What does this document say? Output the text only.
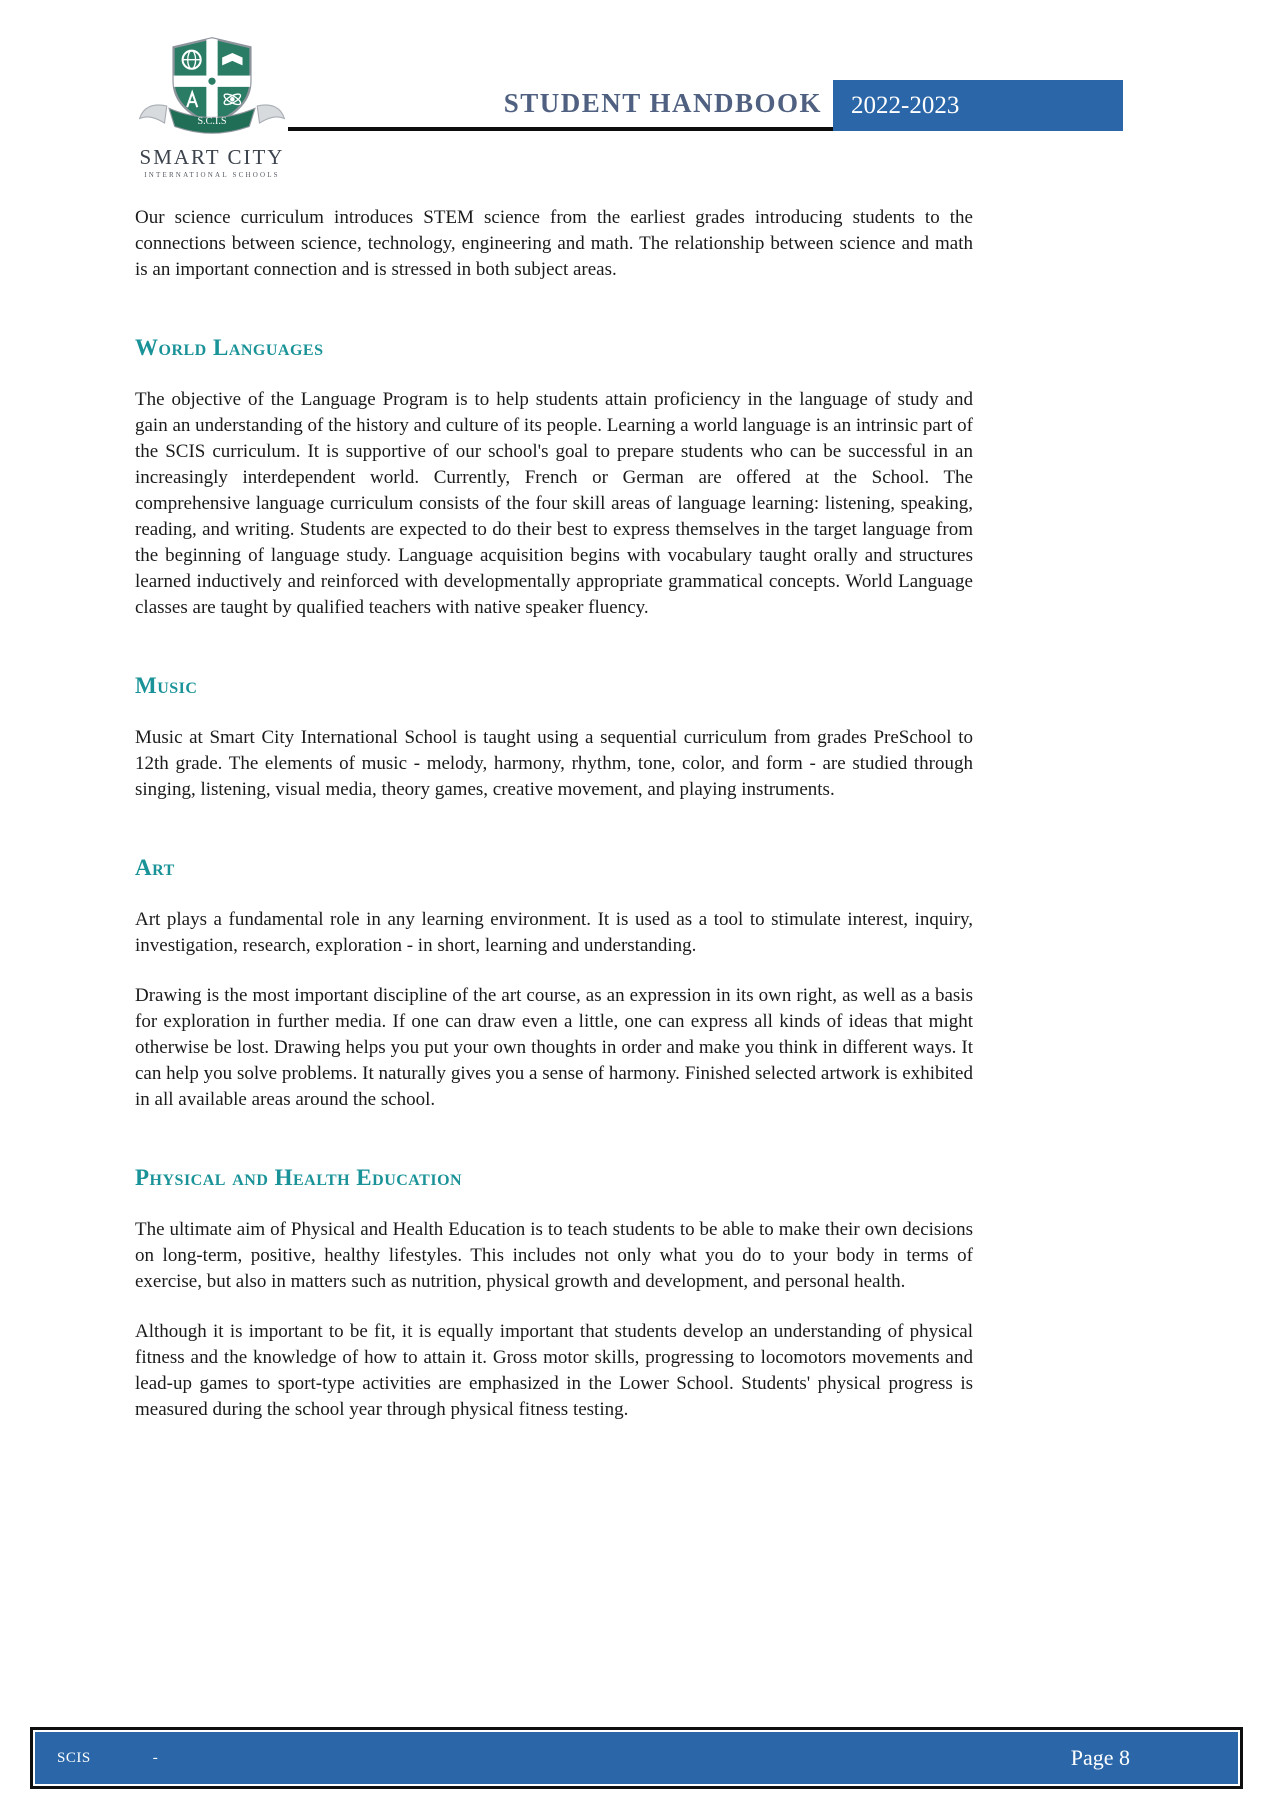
S.C.I.S
SMART CITY
INTERNATIONAL SCHOOLS
STUDENT HANDBOOK	2022-2023

Our science curriculum introduces STEM science from the earliest grades introducing students to the connections between science, technology, engineering and math. The relationship between science and math is an important connection and is stressed in both subject areas.

World Languages

The objective of the Language Program is to help students attain proficiency in the language of study and gain an understanding of the history and culture of its people. Learning a world language is an intrinsic part of the SCIS curriculum. It is supportive of our school's goal to prepare students who can be successful in an increasingly interdependent world. Currently, French or German are offered at the School. The comprehensive language curriculum consists of the four skill areas of language learning: listening, speaking, reading, and writing. Students are expected to do their best to express themselves in the target language from the beginning of language study. Language acquisition begins with vocabulary taught orally and structures learned inductively and reinforced with developmentally appropriate grammatical concepts. World Language classes are taught by qualified teachers with native speaker fluency.

Music

Music at Smart City International School is taught using a sequential curriculum from grades PreSchool to 12th grade. The elements of music - melody, harmony, rhythm, tone, color, and form - are studied through singing, listening, visual media, theory games, creative movement, and playing instruments.

Art

Art plays a fundamental role in any learning environment. It is used as a tool to stimulate interest, inquiry, investigation, research, exploration - in short, learning and understanding.

Drawing is the most important discipline of the art course, as an expression in its own right, as well as a basis for exploration in further media. If one can draw even a little, one can express all kinds of ideas that might otherwise be lost. Drawing helps you put your own thoughts in order and make you think in different ways. It can help you solve problems. It naturally gives you a sense of harmony. Finished selected artwork is exhibited in all available areas around the school.

Physical and Health Education

The ultimate aim of Physical and Health Education is to teach students to be able to make their own decisions on long-term, positive, healthy lifestyles. This includes not only what you do to your body in terms of exercise, but also in matters such as nutrition, physical growth and development, and personal health.

Although it is important to be fit, it is equally important that students develop an understanding of physical fitness and the knowledge of how to attain it. Gross motor skills, progressing to locomotors movements and lead-up games to sport-type activities are emphasized in the Lower School. Students' physical progress is measured during the school year through physical fitness testing.

SCIS	-	Page 8
